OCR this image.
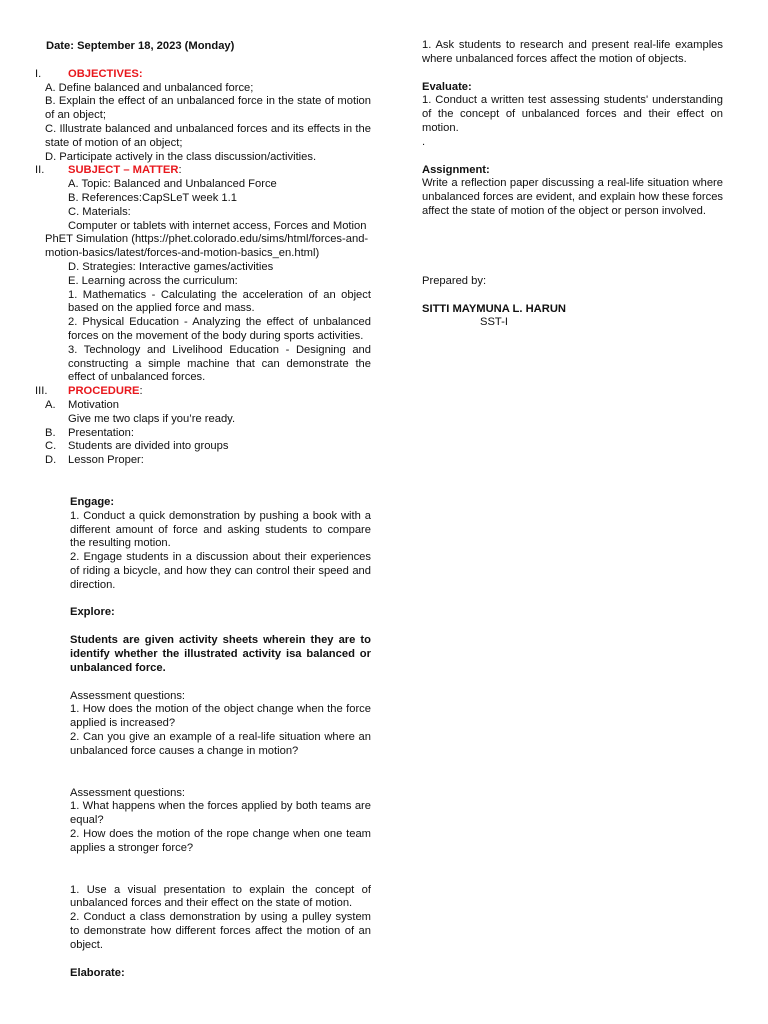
Date: September 18, 2023 (Monday)

I.	OBJECTIVES:

A. Define balanced and unbalanced force;

B. Explain the effect of an unbalanced force in the state of motion of an object;

C. Illustrate balanced and unbalanced forces and its effects in the state of motion of an object;

D. Participate actively in the class discussion/activities.

II.	SUBJECT – MATTER:

A. Topic: Balanced and Unbalanced Force

B. References:CapSLeT week 1.1

C. Materials:

Computer or tablets with internet access, Forces and Motion PhET Simulation (https://phet.colorado.edu/sims/html/forces-and-motion-basics/latest/forces-and-motion-basics_en.html)

D. Strategies: Interactive games/activities

E. Learning across the curriculum:

1. Mathematics - Calculating the acceleration of an object based on the applied force and mass.

2. Physical Education - Analyzing the effect of unbalanced forces on the movement of the body during sports activities.

3. Technology and Livelihood Education - Designing and constructing a simple machine that can demonstrate the effect of unbalanced forces.

III. PROCEDURE:
A. Motivation

Give me two claps if you’re ready.

B. Presentation:
C. Students are divided into groups
D. Lesson Proper:

Engage:

1. Conduct a quick demonstration by pushing a book with a different amount of force and asking students to compare the resulting motion.

2. Engage students in a discussion about their experiences of riding a bicycle, and how they can control their speed and direction.

Explore:

Students are given activity sheets wherein they are to identify whether the illustrated activity isa balanced or unbalanced force.

Assessment questions:

1. How does the motion of the object change when the force applied is increased?

2. Can you give an example of a real-life situation where an unbalanced force causes a change in motion?

Assessment questions:

1. What happens when the forces applied by both teams are equal?

2. How does the motion of the rope change when one team applies a stronger force?

1. Use a visual presentation to explain the concept of unbalanced forces and their effect on the state of motion.

2. Conduct a class demonstration by using a pulley system to demonstrate how different forces affect the motion of an object.

Elaborate:

1. Ask students to research and present real-life examples where unbalanced forces affect the motion of objects.

Evaluate:

1. Conduct a written test assessing students' understanding of the concept of unbalanced forces and their effect on motion.

.

Assignment:

Write a reflection paper discussing a real-life situation where unbalanced forces are evident, and explain how these forces affect the state of motion of the object or person involved.

Prepared by:

SITTI MAYMUNA L. HARUN

SST-I
